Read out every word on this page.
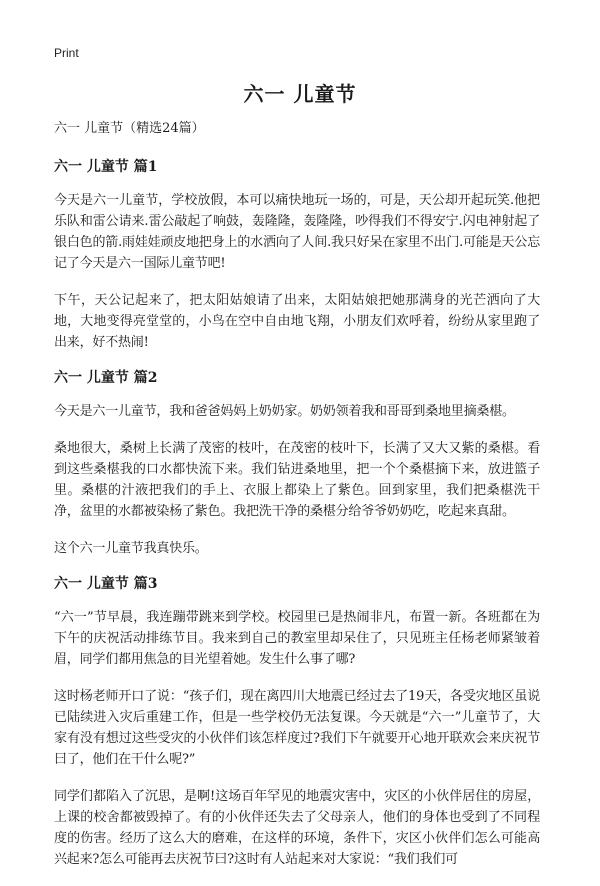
Print
六一 儿童节

六一 儿童节（精选24篇）

六一 儿童节 篇1

今天是六一儿童节，学校放假，本可以痛快地玩一场的，可是，天公却开起玩笑.他把乐队和雷公请来.雷公敲起了响鼓，轰隆隆，轰隆隆，吵得我们不得安宁.闪电神射起了银白色的箭.雨娃娃顽皮地把身上的水洒向了人间.我只好呆在家里不出门.可能是天公忘记了今天是六一国际儿童节吧!

下午，天公记起来了，把太阳姑娘请了出来，太阳姑娘把她那满身的光芒洒向了大地，大地变得亮堂堂的，小鸟在空中自由地飞翔，小朋友们欢呼着，纷纷从家里跑了出来，好不热闹!

六一 儿童节 篇2

今天是六一儿童节，我和爸爸妈妈上奶奶家。奶奶领着我和哥哥到桑地里摘桑椹。

桑地很大，桑树上长满了茂密的枝叶，在茂密的枝叶下，长满了又大又紫的桑椹。看到这些桑椹我的口水都快流下来。我们钻进桑地里，把一个个桑椹摘下来，放进篮子里。桑椹的汁液把我们的手上、衣服上都染上了紫色。回到家里，我们把桑椹洗干净，盆里的水都被染杨了紫色。我把洗干净的桑椹分给爷爷奶奶吃，吃起来真甜。

这个六一儿童节我真快乐。

六一 儿童节 篇3

“六一”节早晨，我连蹦带跳来到学校。校园里已是热闹非凡，布置一新。各班都在为下午的庆祝活动排练节目。我来到自己的教室里却呆住了，只见班主任杨老师紧皱着眉，同学们都用焦急的目光望着她。发生什么事了哪?

这时杨老师开口了说：“孩子们，现在离四川大地震已经过去了19天，各受灾地区虽说已陆续进入灾后重建工作，但是一些学校仍无法复课。今天就是“六一”儿童节了，大家有没有想过这些受灾的小伙伴们该怎样度过?我们下午就要开心地开联欢会来庆祝节曰了，他们在干什么呢?”

同学们都陷入了沉思，是啊!这场百年罕见的地震灾害中，灾区的小伙伴居住的房屋，上课的校舍都被毁掉了。有的小伙伴还失去了父母亲人，他们的身体也受到了不同程度的伤害。经历了这么大的磨难，在这样的环境，条件下，灾区小伙伴们怎么可能高兴起来?怎么可能再去庆祝节曰?这时有人站起来对大家说：“我们我们可
